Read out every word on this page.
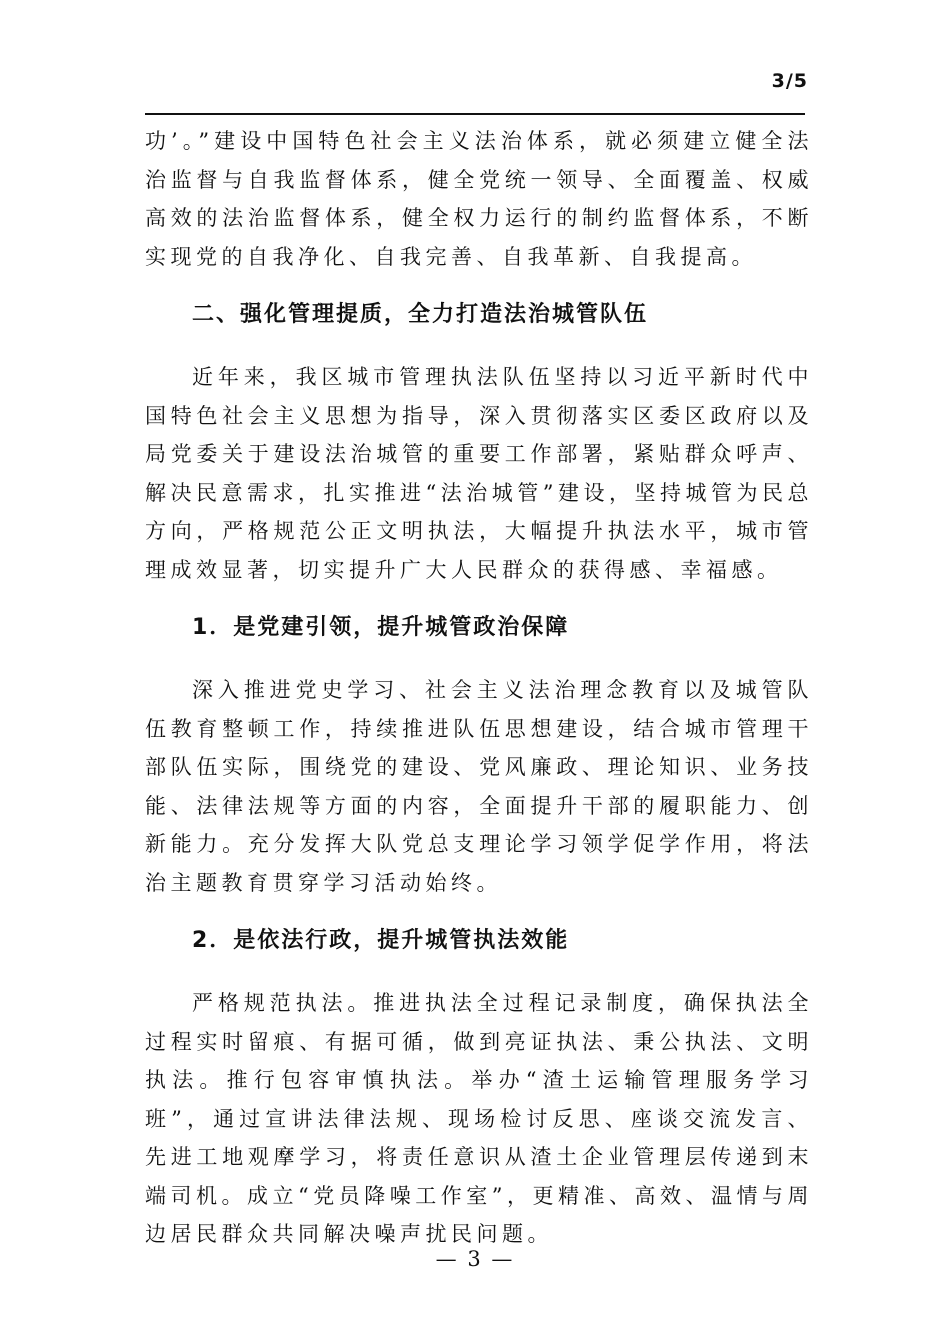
3/5

功’。”建设中国特色社会主义法治体系，就必须建立健全法治监督与自我监督体系，健全党统一领导、全面覆盖、权威高效的法治监督体系，健全权力运行的制约监督体系，不断实现党的自我净化、自我完善、自我革新、自我提高。

二、强化管理提质，全力打造法治城管队伍

近年来，我区城市管理执法队伍坚持以习近平新时代中国特色社会主义思想为指导，深入贯彻落实区委区政府以及局党委关于建设法治城管的重要工作部署，紧贴群众呼声、解决民意需求，扎实推进“法治城管”建设，坚持城管为民总方向，严格规范公正文明执法，大幅提升执法水平，城市管理成效显著，切实提升广大人民群众的获得感、幸福感。

1．是党建引领，提升城管政治保障

深入推进党史学习、社会主义法治理念教育以及城管队伍教育整顿工作，持续推进队伍思想建设，结合城市管理干部队伍实际，围绕党的建设、党风廉政、理论知识、业务技能、法律法规等方面的内容，全面提升干部的履职能力、创新能力。充分发挥大队党总支理论学习领学促学作用，将法治主题教育贯穿学习活动始终。

2．是依法行政，提升城管执法效能

严格规范执法。推进执法全过程记录制度，确保执法全过程实时留痕、有据可循，做到亮证执法、秉公执法、文明执法。推行包容审慎执法。举办“渣土运输管理服务学习班”，通过宣讲法律法规、现场检讨反思、座谈交流发言、先进工地观摩学习，将责任意识从渣土企业管理层传递到末端司机。成立“党员降噪工作室”，更精准、高效、温情与周边居民群众共同解决噪声扰民问题。

— 3 —
